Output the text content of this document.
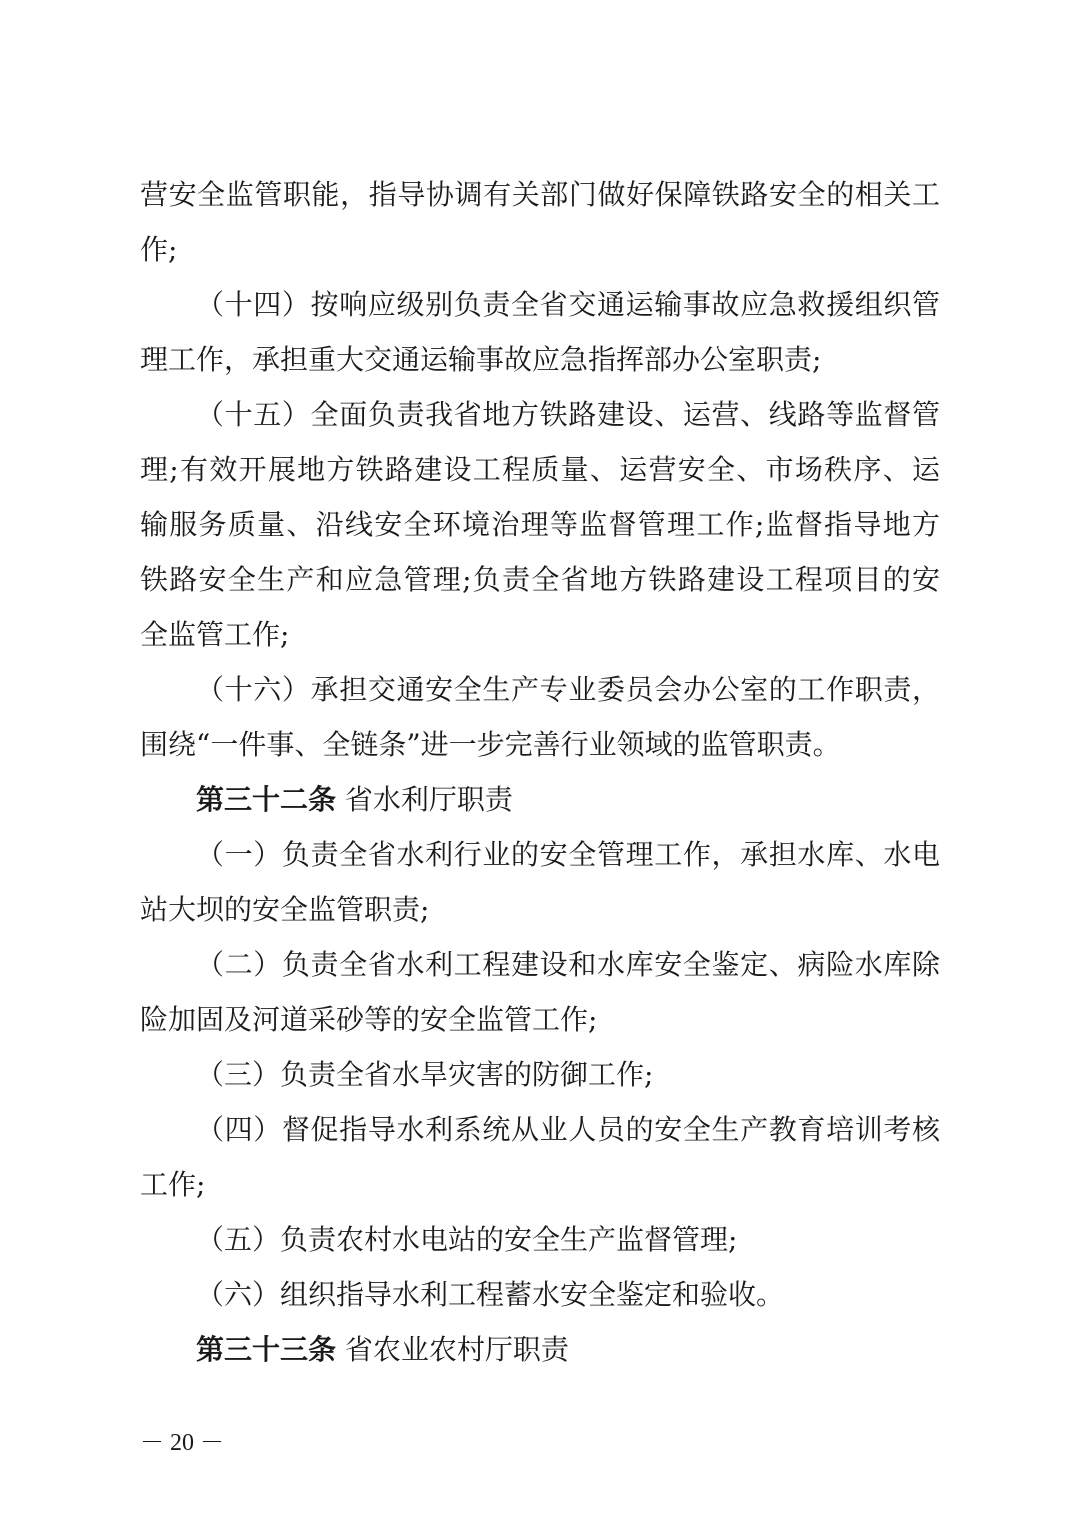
营安全监管职能，指导协调有关部门做好保障铁路安全的相关工

作;

（十四）按响应级别负责全省交通运输事故应急救援组织管

理工作，承担重大交通运输事故应急指挥部办公室职责;

（十五）全面负责我省地方铁路建设、运营、线路等监督管

理;有效开展地方铁路建设工程质量、运营安全、市场秩序、运

输服务质量、沿线安全环境治理等监督管理工作;监督指导地方

铁路安全生产和应急管理;负责全省地方铁路建设工程项目的安

全监管工作;

（十六）承担交通安全生产专业委员会办公室的工作职责，

围绕“一件事、全链条”进一步完善行业领域的监管职责。

第三十二条 省水利厅职责

（一）负责全省水利行业的安全管理工作，承担水库、水电

站大坝的安全监管职责;

（二）负责全省水利工程建设和水库安全鉴定、病险水库除

险加固及河道采砂等的安全监管工作;

（三）负责全省水旱灾害的防御工作;

（四）督促指导水利系统从业人员的安全生产教育培训考核

工作;

（五）负责农村水电站的安全生产监督管理;

（六）组织指导水利工程蓄水安全鉴定和验收。

第三十三条 省农业农村厅职责

－ 20 －
